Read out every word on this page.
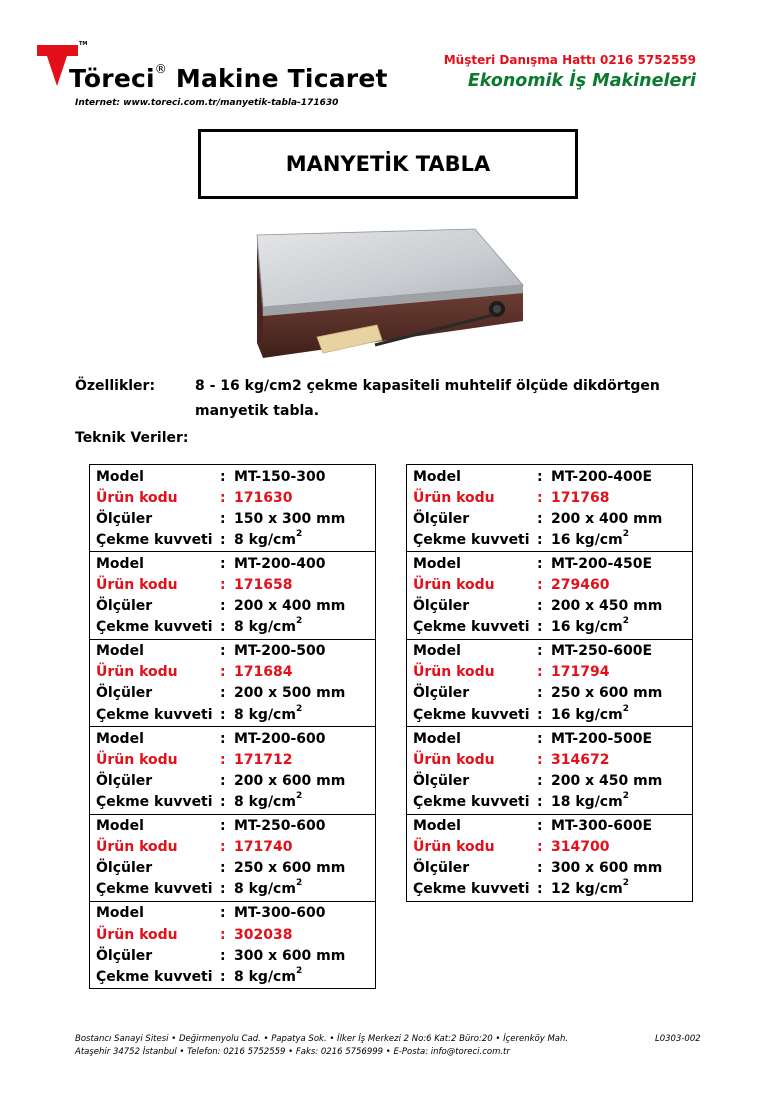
TM
Töreci® Makine Ticaret
Internet: www.toreci.com.tr/manyetik-tabla-171630
Müşteri Danışma Hattı 0216 5752559
Ekonomik İş Makineleri
MANYETİK TABLA
Özellikler:	8 - 16 kg/cm2 çekme kapasiteli muhtelif ölçüde dikdörtgen
manyetik tabla.
Teknik Veriler:
Model	: MT-150-300
Ürün kodu	: 171630
Ölçüler	: 150 x 300 mm
Çekme kuvveti : 8 $kg/cm^2$
Model	: MT-200-400
Ürün kodu	: 171658
Ölçüler	: 200 x 400 mm
Çekme kuvveti : 8 $kg/cm^2$
Model	: MT-200-500
Ürün kodu	: 171684
Ölçüler	: 200 x 500 mm
Çekme kuvveti : 8 $kg/cm^2$
Model	: MT-200-600
Ürün kodu	: 171712
Ölçüler	: 200 x 600 mm
Çekme kuvveti : 8 $kg/cm^2$
Model	: MT-250-600
Ürün kodu	: 171740
Ölçüler	: 250 x 600 mm
Çekme kuvveti : 8 $kg/cm^2$
Model	: MT-300-600
Ürün kodu	: 302038
Ölçüler	: 300 x 600 mm
Çekme kuvveti : 8 $kg/cm^2$
Model	: MT-200-400E
Ürün kodu	: 171768
Ölçüler	: 200 x 400 mm
Çekme kuvveti : 16 $kg/cm^2$
Model	: MT-200-450E
Ürün kodu	: 279460
Ölçüler	: 200 x 450 mm
Çekme kuvveti : 16 $kg/cm^2$
Model	: MT-250-600E
Ürün kodu	: 171794
Ölçüler	: 250 x 600 mm
Çekme kuvveti : 16 $kg/cm^2$
Model	: MT-200-500E
Ürün kodu	: 314672
Ölçüler	: 200 x 450 mm
Çekme kuvveti : 18 $kg/cm^2$
Model	: MT-300-600E
Ürün kodu	: 314700
Ölçüler	: 300 x 600 mm
Çekme kuvveti : 12 $kg/cm^2$
Bostancı Sanayi Sitesi • Değirmenyolu Cad. • Papatya Sok. • İlker İş Merkezi 2 No:6 Kat:2 Büro:20 • İçerenköy Mah.
Ataşehir 34752 İstanbul • Telefon: 0216 5752559 • Faks: 0216 5756999 • E-Posta: info@toreci.com.tr
L0303-002
